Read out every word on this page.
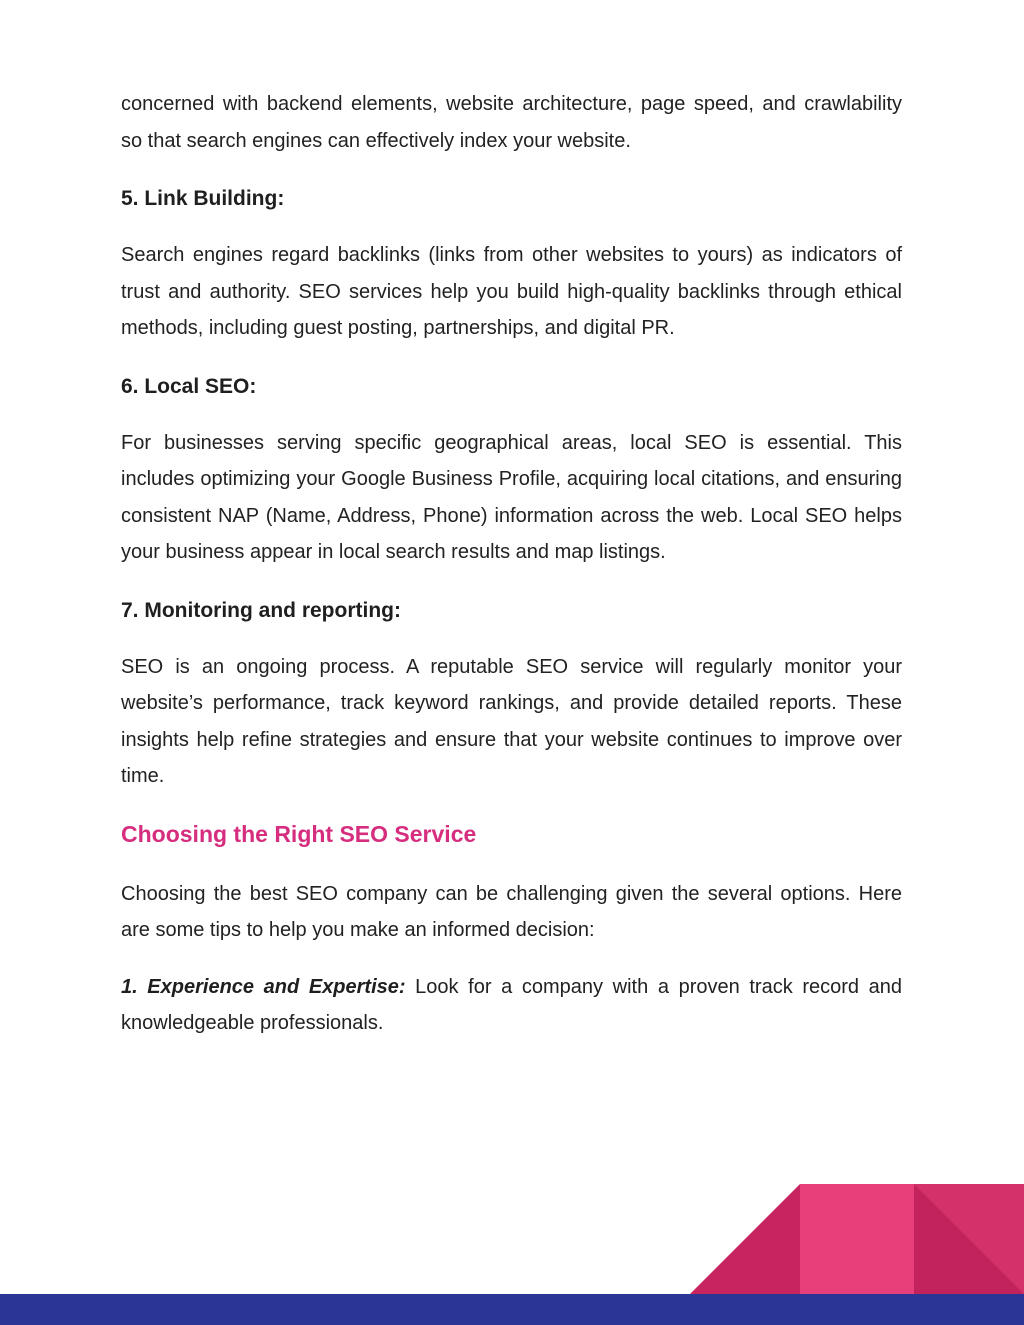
concerned with backend elements, website architecture, page speed, and crawlability so that search engines can effectively index your website.

5. Link Building:

Search engines regard backlinks (links from other websites to yours) as indicators of trust and authority. SEO services help you build high-quality backlinks through ethical methods, including guest posting, partnerships, and digital PR.

6. Local SEO:

For businesses serving specific geographical areas, local SEO is essential. This includes optimizing your Google Business Profile, acquiring local citations, and ensuring consistent NAP (Name, Address, Phone) information across the web. Local SEO helps your business appear in local search results and map listings.

7. Monitoring and reporting:

SEO is an ongoing process. A reputable SEO service will regularly monitor your website’s performance, track keyword rankings, and provide detailed reports. These insights help refine strategies and ensure that your website continues to improve over time.

Choosing the Right SEO Service

Choosing the best SEO company can be challenging given the several options. Here are some tips to help you make an informed decision:

1. Experience and Expertise: Look for a company with a proven track record and knowledgeable professionals.
